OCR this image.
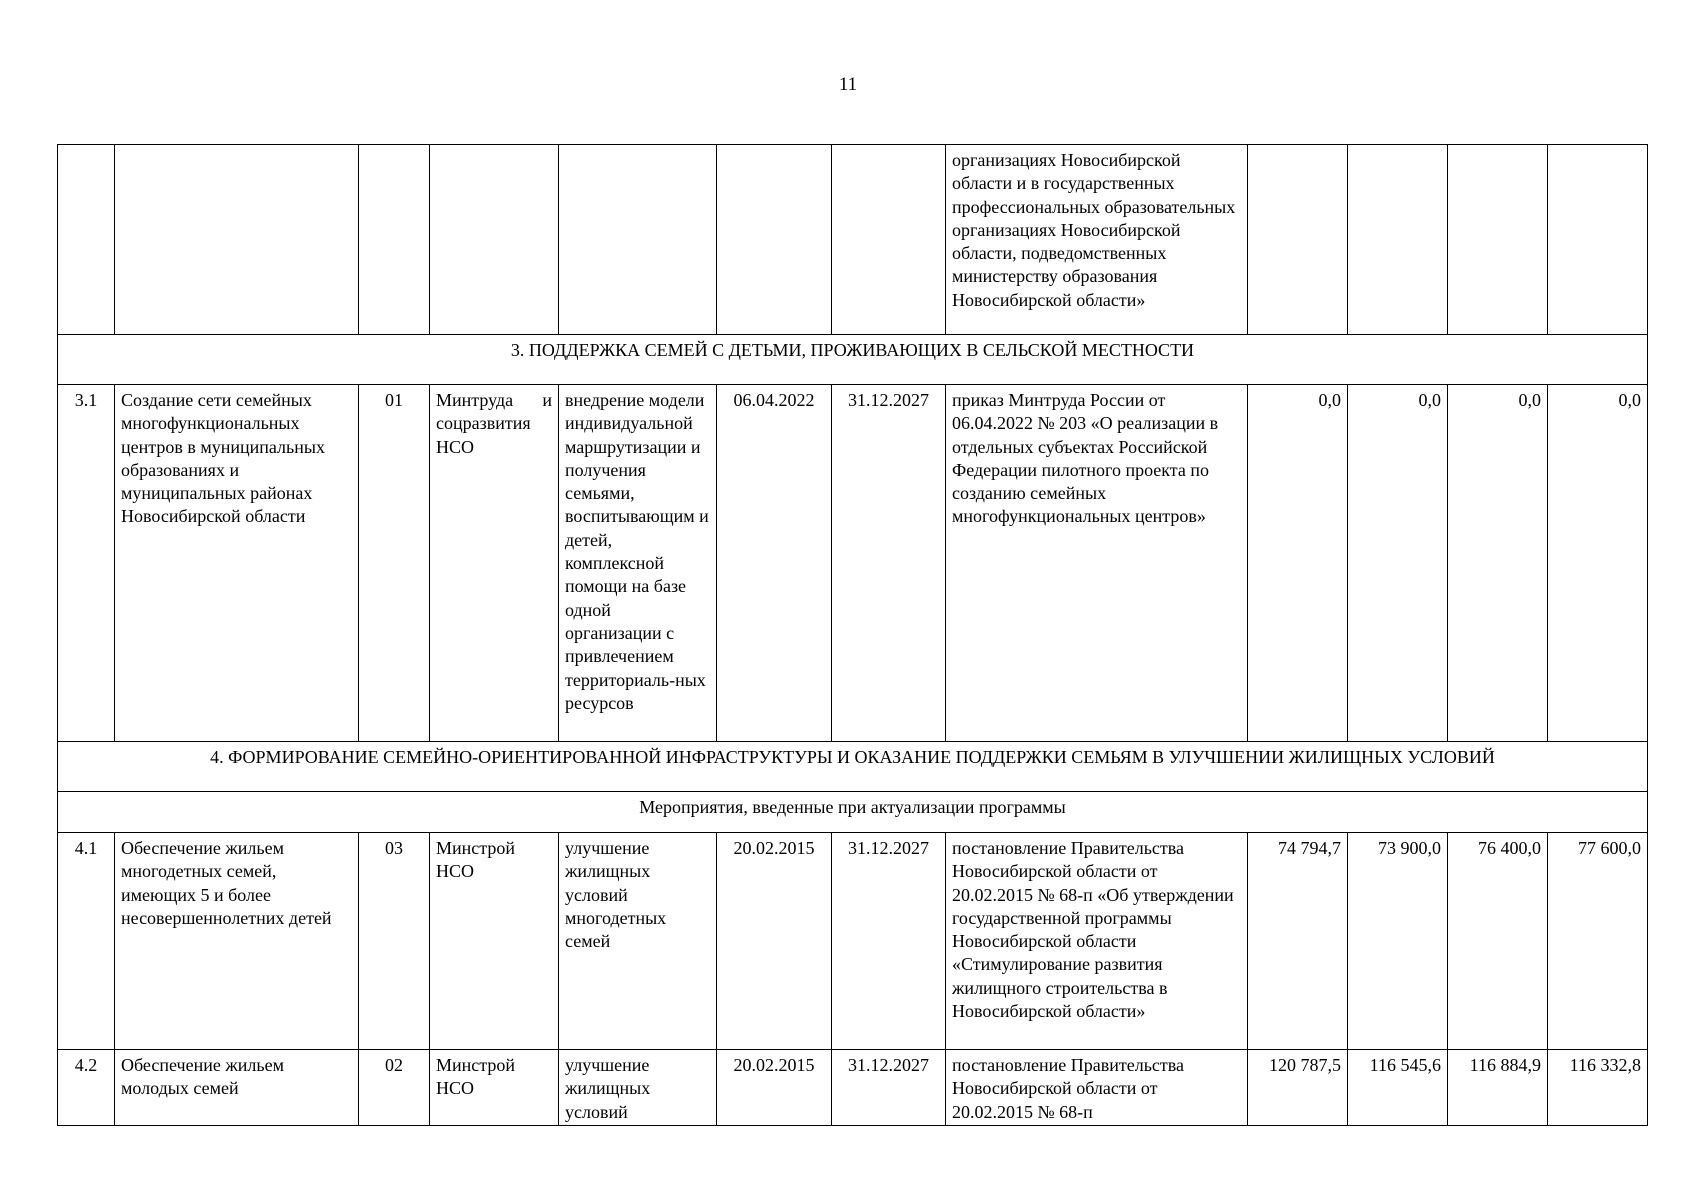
11
							организациях Новосибирской области и в государственных профессиональных образовательных организациях Новосибирской области, подведомственных министерству образования Новосибирской области»				
3. ПОДДЕРЖКА СЕМЕЙ С ДЕТЬМИ, ПРОЖИВАЮЩИХ В СЕЛЬСКОЙ МЕСТНОСТИ											
3.1	Создание сети семейных многофункциональных центров в муниципальных образованиях и муниципальных районах Новосибирской области	01	Минтруда и соцразвития НСО	внедрение модели индивидуальной маршрутизации и получения семьями, воспитывающим и детей, комплексной помощи на базе одной организации с привлечением территориаль-ных ресурсов	06.04.2022	31.12.2027	приказ Минтруда России от 06.04.2022 № 203 «О реализации в отдельных субъектах Российской Федерации пилотного проекта по созданию семейных многофункциональных центров»	0,0	0,0	0,0	0,0
4. ФОРМИРОВАНИЕ СЕМЕЙНО-ОРИЕНТИРОВАННОЙ ИНФРАСТРУКТУРЫ И ОКАЗАНИЕ ПОДДЕРЖКИ СЕМЬЯМ В УЛУЧШЕНИИ ЖИЛИЩНЫХ УСЛОВИЙ											
Мероприятия, введенные при актуализации программы											
4.1	Обеспечение жильем многодетных семей, имеющих 5 и более несовершеннолетних детей	03	Минстрой НСО	улучшение жилищных условий многодетных семей	20.02.2015	31.12.2027	постановление Правительства Новосибирской области от 20.02.2015 № 68-п «Об утверждении государственной программы Новосибирской области «Стимулирование развития жилищного строительства в Новосибирской области»	74 794,7	73 900,0	76 400,0	77 600,0
4.2	Обеспечение жильем молодых семей	02	Минстрой НСО	улучшение жилищных условий	20.02.2015	31.12.2027	постановление Правительства Новосибирской области от 20.02.2015 № 68-п	120 787,5	116 545,6	116 884,9	116 332,8
